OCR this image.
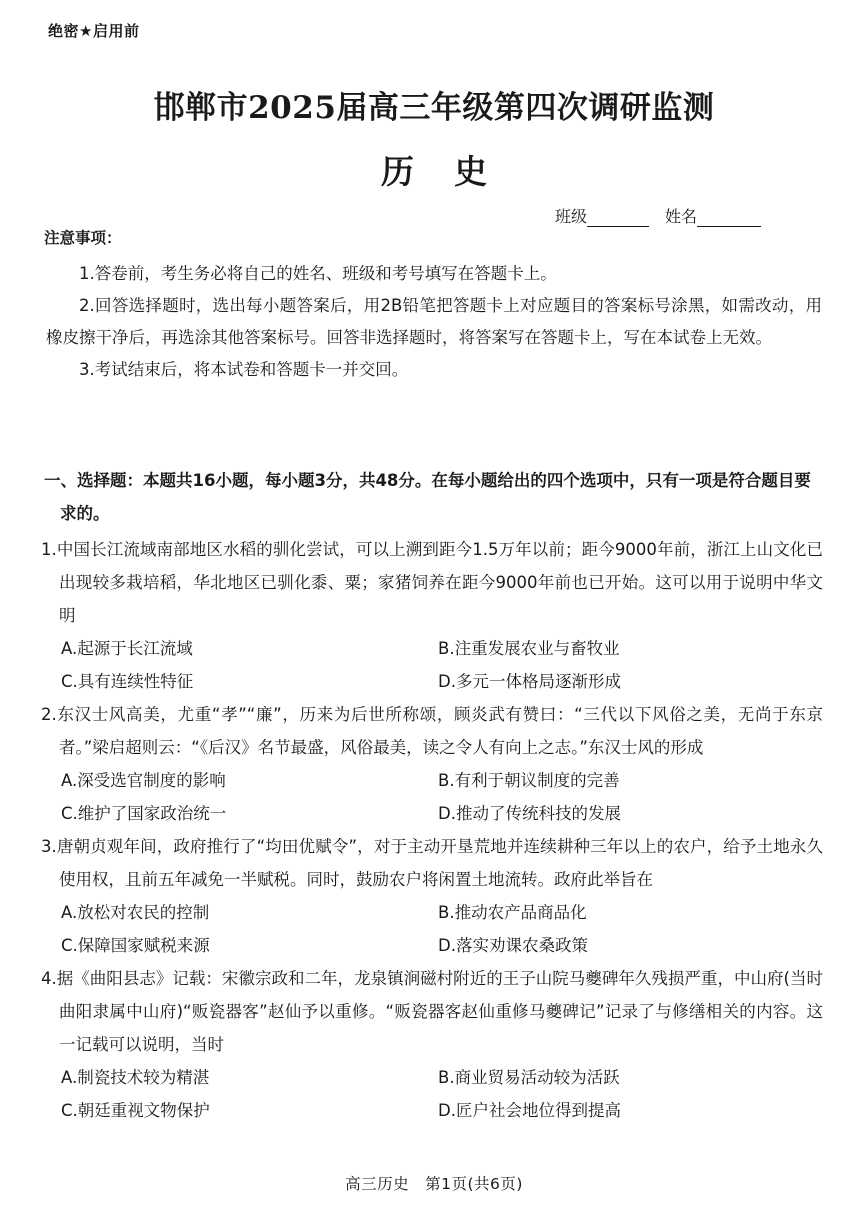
绝密★启用前
邯郸市2025届高三年级第四次调研监测
历史
班级	姓名
注意事项：

1.答卷前，考生务必将自己的姓名、班级和考号填写在答题卡上。

2.回答选择题时，选出每小题答案后，用2B铅笔把答题卡上对应题目的答案标号涂黑，如需改动，用橡皮擦干净后，再选涂其他答案标号。回答非选择题时，将答案写在答题卡上，写在本试卷上无效。

3.考试结束后，将本试卷和答题卡一并交回。

一、选择题：本题共16小题，每小题3分，共48分。在每小题给出的四个选项中，只有一项是符合题目要求的。
1.中国长江流域南部地区水稻的驯化尝试，可以上溯到距今1.5万年以前；距今9000年前，浙江上山文化已出现较多栽培稻，华北地区已驯化黍、粟；家猪饲养在距今9000年前也已开始。这可以用于说明中华文明
A.起源于长江流域	B.注重发展农业与畜牧业
C.具有连续性特征	D.多元一体格局逐渐形成
2.东汉士风高美，尤重“孝”“廉”，历来为后世所称颂，顾炎武有赞曰：“三代以下风俗之美，无尚于东京者。”梁启超则云：“《后汉》名节最盛，风俗最美，读之令人有向上之志。”东汉士风的形成
A.深受选官制度的影响	B.有利于朝议制度的完善
C.维护了国家政治统一	D.推动了传统科技的发展
3.唐朝贞观年间，政府推行了“均田优赋令”，对于主动开垦荒地并连续耕种三年以上的农户，给予土地永久使用权，且前五年减免一半赋税。同时，鼓励农户将闲置土地流转。政府此举旨在
A.放松对农民的控制	B.推动农产品商品化
C.保障国家赋税来源	D.落实劝课农桑政策
4.据《曲阳县志》记载：宋徽宗政和二年，龙泉镇涧磁村附近的王子山院马夔碑年久残损严重，中山府(当时曲阳隶属中山府)“贩瓷器客”赵仙予以重修。“贩瓷器客赵仙重修马夔碑记”记录了与修缮相关的内容。这一记载可以说明，当时
A.制瓷技术较为精湛	B.商业贸易活动较为活跃
C.朝廷重视文物保护	D.匠户社会地位得到提高
高三历史　第1页(共6页)
